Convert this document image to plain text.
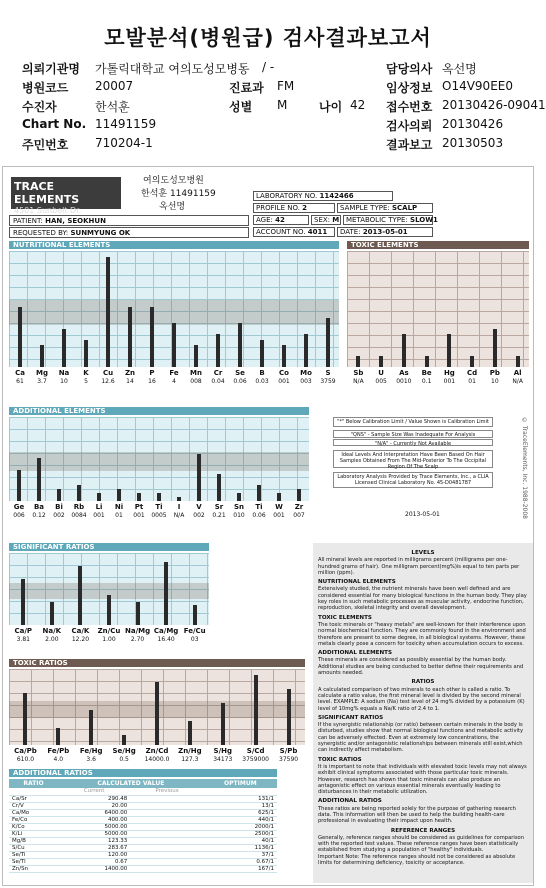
모발분석(병원급) 검사결과보고서
의뢰기관명 가톨릭대학교 여의도성모병동 / -	담당의사 옥선명
병원코드 20007	진료과 FM	임상정보 O14V90EE0
수진자	한석훈	성별 M	나이 42 접수번호 20130426-09041
Chart No. 11491159	검사의뢰 20130426
주민번호 710204-1	결과보고 20130503
TRACE ELEMENTS
4501 Sunbelt Dr.
여의도성모병원
한석훈 11491159
옥선명
LABORATORY NO. 1142466
PROFILE NO. 2	SAMPLE TYPE: SCALP
PATIENT: HAN, SEOKHUN	AGE: 42	SEX: M METABOLIC TYPE: SLOW1
REQUESTED BY: SUNMYUNG OK	ACCOUNT NO. 4011	DATE: 2013-05-01
NUTRITIONAL ELEMENTS
Ca
61
Mg
3.7
Na
10
K
5
Cu
12.6
Zn
14
P
16
Fe
4
Mn
008
Cr
0.04
Se
0.06
B
0.03
Co
001
Mo
003
S
3759
TOXIC ELEMENTS
Sb
N/A
U
005
As
0010
Be
0.1
Hg
001
Cd
01
Pb
10
Al
N/A
ADDITIONAL ELEMENTS
Ge
006
Ba
0.12
Bi
002
Rb
0084
Li
001
Ni
01
Pt
001
Ti
0005
I
N/A
V
002
Sr
0.21
Sn
010
Ti
0.06
W
001
Zr
007
"*" Below Calibration Limit / Value Shown is Calibration Limit
"QNS" - Sample Size Was Inadequate For Analysis
"N/A" - Currently Not Available
Ideal Levels And Interpretation Have Been Based On Hair Samples Obtained From The Mid-Posterior To The Occipital Region Of The Scalp
Laboratory Analysis Provided by Trace Elements, Inc., a CLIA Licensed Clinical Laboratory No. 45-D0481787
2013-05-01	© TraceElements, Inc. 1988-2008
SIGNIFICANT RATIOS
Ca/P
3.81
Na/K
2.00
Ca/K
12.20
Zn/Cu
1.00
Na/Mg
2.70
Ca/Mg
16.40
Fe/Cu
03
TOXIC RATIOS
Ca/Pb
610.0
Fe/Pb
4.0
Fe/Hg
3.6
Se/Hg
0.5
Zn/Cd
14000.0
Zn/Hg
127.3
S/Hg
34173
S/Cd
3759000
S/Pb
37590
ADDITIONAL RATIOS
RATIO	CALCULATED VALUE		OPTIMUM
	Current	Previous	
Ca/Sr	290.48		131/1
Cr/V	20.00		13/1
Ca/Mo	6400.00		625/1
Fe/Co	400.00		440/1
K/Co	5000.00		2000/1
K/Li	5000.00		2500/1
Mg/B	123.33		40/1
S/Cu	283.67		1136/1
Se/Ti	120.00		37/1
Se/Tl	0.67		0.67/1
Zn/Sn	1400.00		167/1
LEVELS
All mineral levels are reported in milligrams percent (milligrams per one-hundred grams of hair). One milligram percent(mg%)is equal to ten parts per million (ppm).
NUTRITIONAL ELEMENTS
Extensively studied, the nutrient minerals have been well defined and are considered essential for many biological functions in the human body. They play key roles in such metabolic processes as muscular activity, endocrine function, reproduction, skeletal integrity and overall development.
TOXIC ELEMENTS
The toxic minerals or "heavy metals" are well-known for their interference upon normal biochemical function. They are commonly found in the environment and therefore are present to some degree, in all biological systems. However, these metals clearly pose a concern for toxicity when accumulation occurs to excess.
ADDITIONAL ELEMENTS
These minerals are considered as possibly essential by the human body. Additional studies are being conducted to better define their requirements and amounts needed.
RATIOS
A calculated comparison of two minerals to each other is called a ratio. To calculate a ratio value, the first mineral level is divided by the second mineral level. EXAMPLE: A sodium (Na) test level of 24 mg% divided by a potassium (K) level of 10mg% equals a Na/K ratio of 2.4 to 1.
SIGNIFICANT RATIOS
If the synergistic relationship (or ratio) between certain minerals in the body is disturbed, studies show that normal biological functions and metabolic activity can be adversely effected. Even at extremely low concentrations, the synergistic and/or antagonistic relationships between minerals still exist,which can indirectly affect metabolism.
TOXIC RATIOS
It is important to note that individuals with elevated toxic levels may not always exhibit clinical symptoms associated with those particular toxic minerals. However, research has shown that toxic minerals can also produce an antagonistic effect on various essential minerals eventually leading to disturbances in their metabolic utilization.
ADDITIONAL RATIOS
These ratios are being reported solely for the purpose of gathering research data. This information will then be used to help the building health-care professional in evaluating their impact upon health.
REFERENCE RANGES
Generally, reference ranges should be considered as guidelines for comparison with the reported test values. These reference ranges have been statistically established from studying a population of "healthy" individuals.
Important Note: The reference ranges should not be considered as absolute limits for determining deficiency, toxicity or acceptance.
